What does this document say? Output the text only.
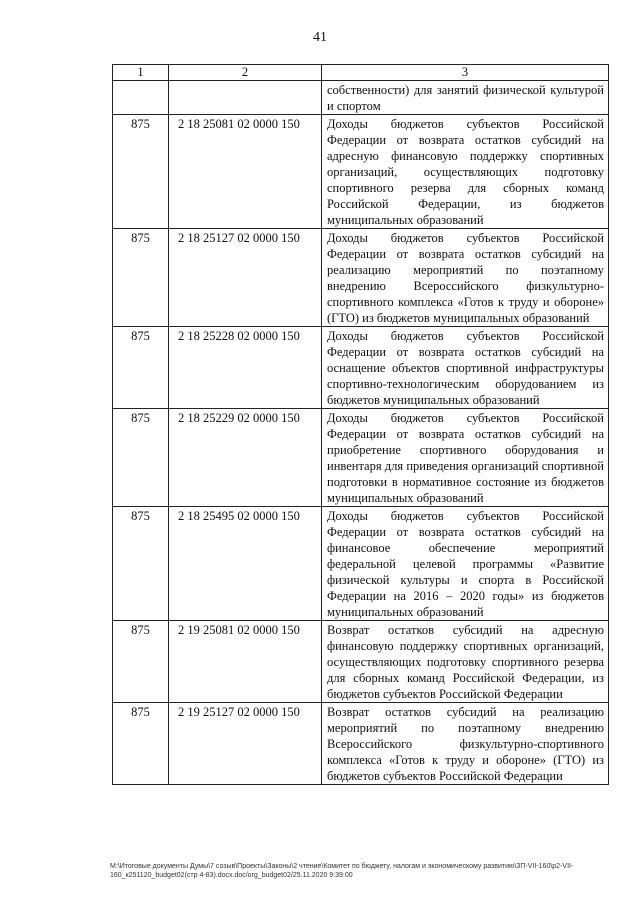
41
1	2	3
		собственности) для занятий физической культурой и спортом
875	2 18 25081 02 0000 150	Доходы бюджетов субъектов Российской Федерации от возврата остатков субсидий на адресную финансовую поддержку спортивных организаций, осуществляющих подготовку спортивного резерва для сборных команд Российской Федерации, из бюджетов муниципальных образований
875	2 18 25127 02 0000 150	Доходы бюджетов субъектов Российской Федерации от возврата остатков субсидий на реализацию мероприятий по поэтапному внедрению Всероссийского физкультурно-спортивного комплекса «Готов к труду и обороне» (ГТО) из бюджетов муниципальных образований
875	2 18 25228 02 0000 150	Доходы бюджетов субъектов Российской Федерации от возврата остатков субсидий на оснащение объектов спортивной инфраструктуры спортивно-технологическим оборудованием из бюджетов муниципальных образований
875	2 18 25229 02 0000 150	Доходы бюджетов субъектов Российской Федерации от возврата остатков субсидий на приобретение спортивного оборудования и инвентаря для приведения организаций спортивной подготовки в нормативное состояние из бюджетов муниципальных образований
875	2 18 25495 02 0000 150	Доходы бюджетов субъектов Российской Федерации от возврата остатков субсидий на финансовое обеспечение мероприятий федеральной целевой программы «Развитие физической культуры и спорта в Российской Федерации на 2016 – 2020 годы» из бюджетов муниципальных образований
875	2 19 25081 02 0000 150	Возврат остатков субсидий на адресную финансовую поддержку спортивных организаций, осуществляющих подготовку спортивного резерва для сборных команд Российской Федерации, из бюджетов субъектов Российской Федерации
875	2 19 25127 02 0000 150	Возврат остатков субсидий на реализацию мероприятий по поэтапному внедрению Всероссийского физкультурно-спортивного комплекса «Готов к труду и обороне» (ГТО) из бюджетов субъектов Российской Федерации
М:\Итоговые документы Думы\7 созыв\Проекты\Законы\2 чтение\Комитет по бюджету, налогам и экономическому развитию\ЗП-VII-160\р2-VII-160_к251120_budget02(стр 4-83).docx.doc/org_budget02/25.11.2020 9:39:00
